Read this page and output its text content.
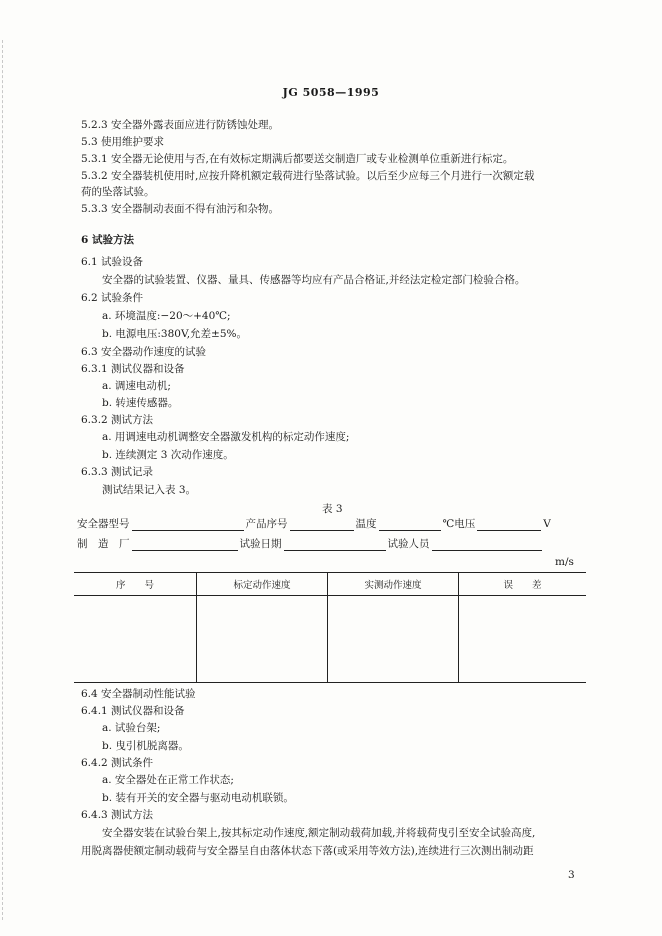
JG 5058—1995
5.2.3 安全器外露表面应进行防锈蚀处理。
5.3 使用维护要求
5.3.1 安全器无论使用与否,在有效标定期满后都要送交制造厂或专业检测单位重新进行标定。
5.3.2 安全器装机使用时,应按升降机额定载荷进行坠落试验。以后至少应每三个月进行一次额定载
荷的坠落试验。
5.3.3 安全器制动表面不得有油污和杂物。
6 试验方法
6.1 试验设备
安全器的试验装置、仪器、量具、传感器等均应有产品合格证,并经法定检定部门检验合格。
6.2 试验条件
a. 环境温度:−20～+40℃;
b. 电源电压:380V,允差±5%。
6.3 安全器动作速度的试验
6.3.1 测试仪器和设备
a. 调速电动机;
b. 转速传感器。
6.3.2 测试方法
a. 用调速电动机调整安全器激发机构的标定动作速度;
b. 连续测定 3 次动作速度。
6.3.3 测试记录
测试结果记入表 3。
表 3
安全器型号	产品序号	温度	℃电压	V
制　造　厂	试验日期	试验人员
m/s
序　　号	标定动作速度	实测动作速度	误　　差

6.4 安全器制动性能试验
6.4.1 测试仪器和设备
a. 试验台架;
b. 曳引机脱离器。
6.4.2 测试条件
a. 安全器处在正常工作状态;
b. 装有开关的安全器与驱动电动机联锁。
6.4.3 测试方法
安全器安装在试验台架上,按其标定动作速度,额定制动载荷加载,并将载荷曳引至安全试验高度,
用脱离器使额定制动载荷与安全器呈自由落体状态下落(或采用等效方法),连续进行三次测出制动距
3
